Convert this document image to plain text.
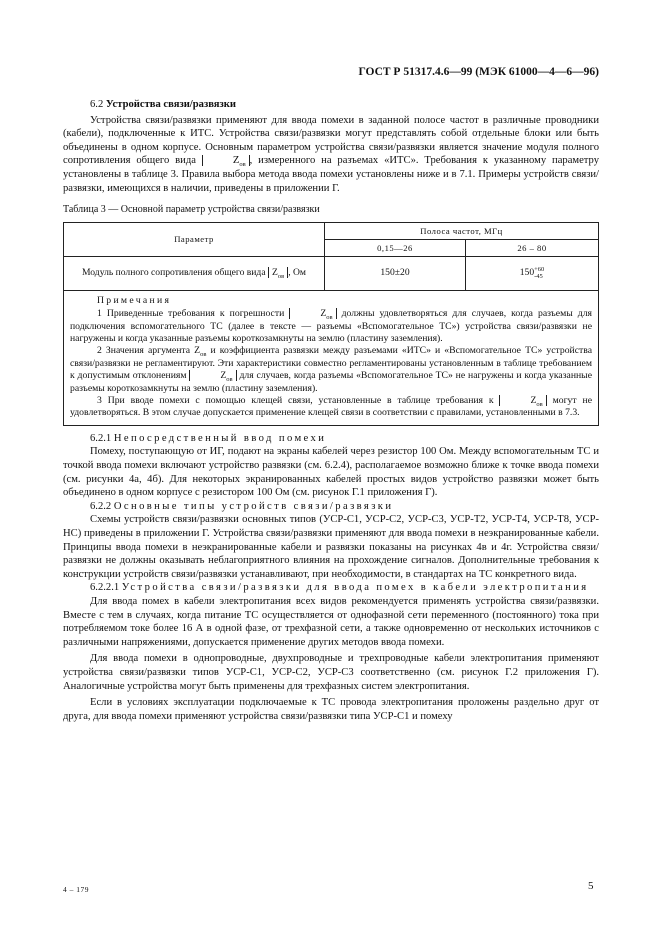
ГОСТ Р 51317.4.6—99 (МЭК 61000—4—6—96)

6.2 Устройства связи/развязки

Устройства связи/развязки применяют для ввода помехи в заданной полосе частот в различные проводники (кабели), подключенные к ИТС. Устройства связи/развязки могут представлять собой отдельные блоки или быть объединены в одном корпусе. Основным параметром устройства связи/развязки является значение модуля полного сопротивления общего вида	$Z_{ов}$ , измеренного на разъемах «ИТС». Требования к указанному параметру установлены в таблице 3. Правила выбора метода ввода помехи установлены ниже и в 7.1. Примеры устройств связи/развязки, имеющихся в наличии, приведены в приложении Г.

Таблица 3 — Основной параметр устройства связи/развязки

Параметр	Полоса частот, МГц	
	0,15—26	26 – 80
Модуль полного сопротивления общего вида $Z_{ов}$ , Ом	150±20	150+60
-45

Примечания

1 Приведенные требования к погрешности $Z_{ов}$ должны удовлетворяться для случаев, когда разъемы для подключения вспомогательного ТС (далее в тексте — разъемы «Вспомогательное ТС») устройства связи/развязки не нагружены и когда указанные разъемы короткозамкнуты на землю (пластину заземления).

2 Значения аргумента $Z_{ов}$ и коэффициента развязки между разъемами «ИТС» и «Вспомогательное ТС» устройства связи/развязки не регламентируют. Эти характеристики совместно регламентированы установленным в таблице требованием к допустимым отклонениям $Z_{ов}$ для случаев, когда разъемы «Вспомогательное ТС» не нагружены и когда указанные разъемы короткозамкнуты на землю (пластину заземления).

3 При вводе помехи с помощью клещей связи, установленные в таблице требования к $Z_{ов}$ могут не удовлетворяться. В этом случае допускается применение клещей связи в соответствии с правилами, установленными в 7.3.		

6.2.1 Непосредственный ввод помехи

Помеху, поступающую от ИГ, подают на экраны кабелей через резистор 100 Ом. Между вспомогательным ТС и точкой ввода помехи включают устройство развязки (см. 6.2.4), располагаемое возможно ближе к точке ввода помехи (см. рисунки 4а, 4б). Для некоторых экранированных кабелей простых видов устройство развязки может быть объединено в одном корпусе с резистором 100 Ом (см. рисунок Г.1 приложения Г).

6.2.2 Основные типы устройств связи/развязки

Схемы устройств связи/развязки основных типов (УСР-С1, УСР-С2, УСР-С3, УСР-Т2, УСР-Т4, УСР-Т8, УСР-НС) приведены в приложении Г. Устройства связи/развязки применяют для ввода помехи в неэкранированные кабели. Принципы ввода помехи в неэкранированные кабели и развязки показаны на рисунках 4в и 4г. Устройства связи/развязки не должны оказывать неблагоприятного влияния на прохождение сигналов. Дополнительные требования к конструкции устройств связи/развязки устанавливают, при необходимости, в стандартах на ТС конкретного вида.

6.2.2.1 Устройства связи/развязки для ввода помех в кабели электропитания

Для ввода помех в кабели электропитания всех видов рекомендуется применять устройства связи/развязки. Вместе с тем в случаях, когда питание ТС осуществляется от однофазной сети переменного (постоянного) тока при потребляемом токе более 16 А в одной фазе, от трехфазной сети, а также одновременно от нескольких источников с различными напряжениями, допускается применение других методов ввода помехи.

Для ввода помехи в однопроводные, двухпроводные и трехпроводные кабели электропитания применяют устройства связи/развязки типов УСР-С1, УСР-С2, УСР-С3 соответственно (см. рисунок Г.2 приложения Г). Аналогичные устройства могут быть применены для трехфазных систем электропитания.

Если в условиях эксплуатации подключаемые к ТС провода электропитания проложены раздельно друг от друга, для ввода помехи применяют устройства связи/развязки типа УСР-С1 и помеху

4 – 179	5
